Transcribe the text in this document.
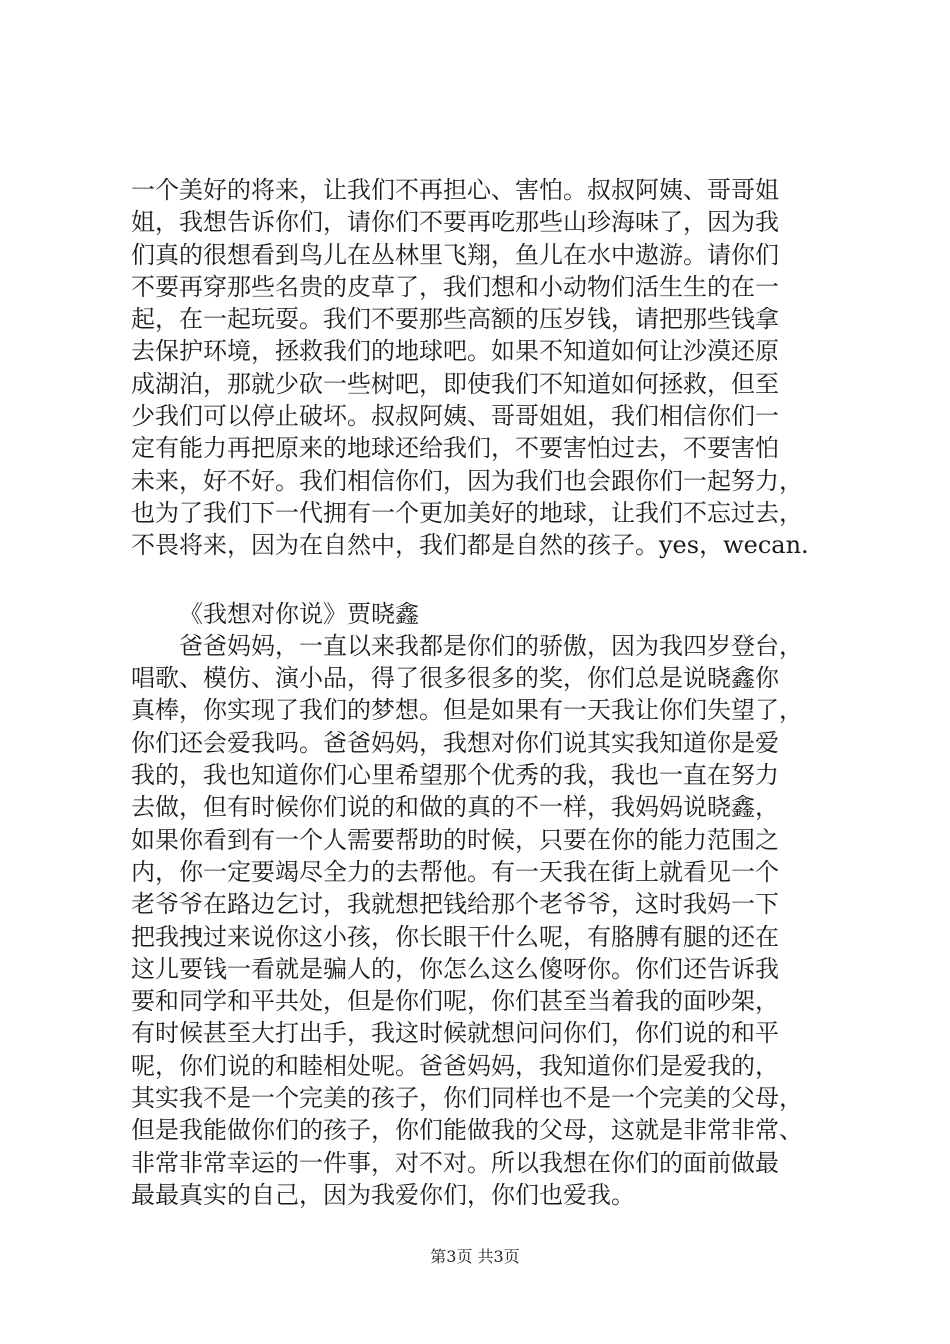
一个美好的将来，让我们不再担心、害怕。叔叔阿姨、哥哥姐
姐，我想告诉你们，请你们不要再吃那些山珍海味了，因为我
们真的很想看到鸟儿在丛林里飞翔，鱼儿在水中遨游。请你们
不要再穿那些名贵的皮草了，我们想和小动物们活生生的在一
起，在一起玩耍。我们不要那些高额的压岁钱，请把那些钱拿
去保护环境，拯救我们的地球吧。如果不知道如何让沙漠还原
成湖泊，那就少砍一些树吧，即使我们不知道如何拯救，但至
少我们可以停止破坏。叔叔阿姨、哥哥姐姐，我们相信你们一
定有能力再把原来的地球还给我们，不要害怕过去，不要害怕
未来，好不好。我们相信你们，因为我们也会跟你们一起努力，
也为了我们下一代拥有一个更加美好的地球，让我们不忘过去，
不畏将来，因为在自然中，我们都是自然的孩子。yes，wecan.
《我想对你说》贾晓鑫
爸爸妈妈，一直以来我都是你们的骄傲，因为我四岁登台，
唱歌、模仿、演小品，得了很多很多的奖，你们总是说晓鑫你
真棒，你实现了我们的梦想。但是如果有一天我让你们失望了，
你们还会爱我吗。爸爸妈妈，我想对你们说其实我知道你是爱
我的，我也知道你们心里希望那个优秀的我，我也一直在努力
去做，但有时候你们说的和做的真的不一样，我妈妈说晓鑫，
如果你看到有一个人需要帮助的时候，只要在你的能力范围之
内，你一定要竭尽全力的去帮他。有一天我在街上就看见一个
老爷爷在路边乞讨，我就想把钱给那个老爷爷，这时我妈一下
把我拽过来说你这小孩，你长眼干什么呢，有胳膊有腿的还在
这儿要钱一看就是骗人的，你怎么这么傻呀你。你们还告诉我
要和同学和平共处，但是你们呢，你们甚至当着我的面吵架，
有时候甚至大打出手，我这时候就想问问你们，你们说的和平
呢，你们说的和睦相处呢。爸爸妈妈，我知道你们是爱我的，
其实我不是一个完美的孩子，你们同样也不是一个完美的父母，
但是我能做你们的孩子，你们能做我的父母，这就是非常非常、
非常非常幸运的一件事，对不对。所以我想在你们的面前做最
最最真实的自己，因为我爱你们，你们也爱我。
第3页 共3页
